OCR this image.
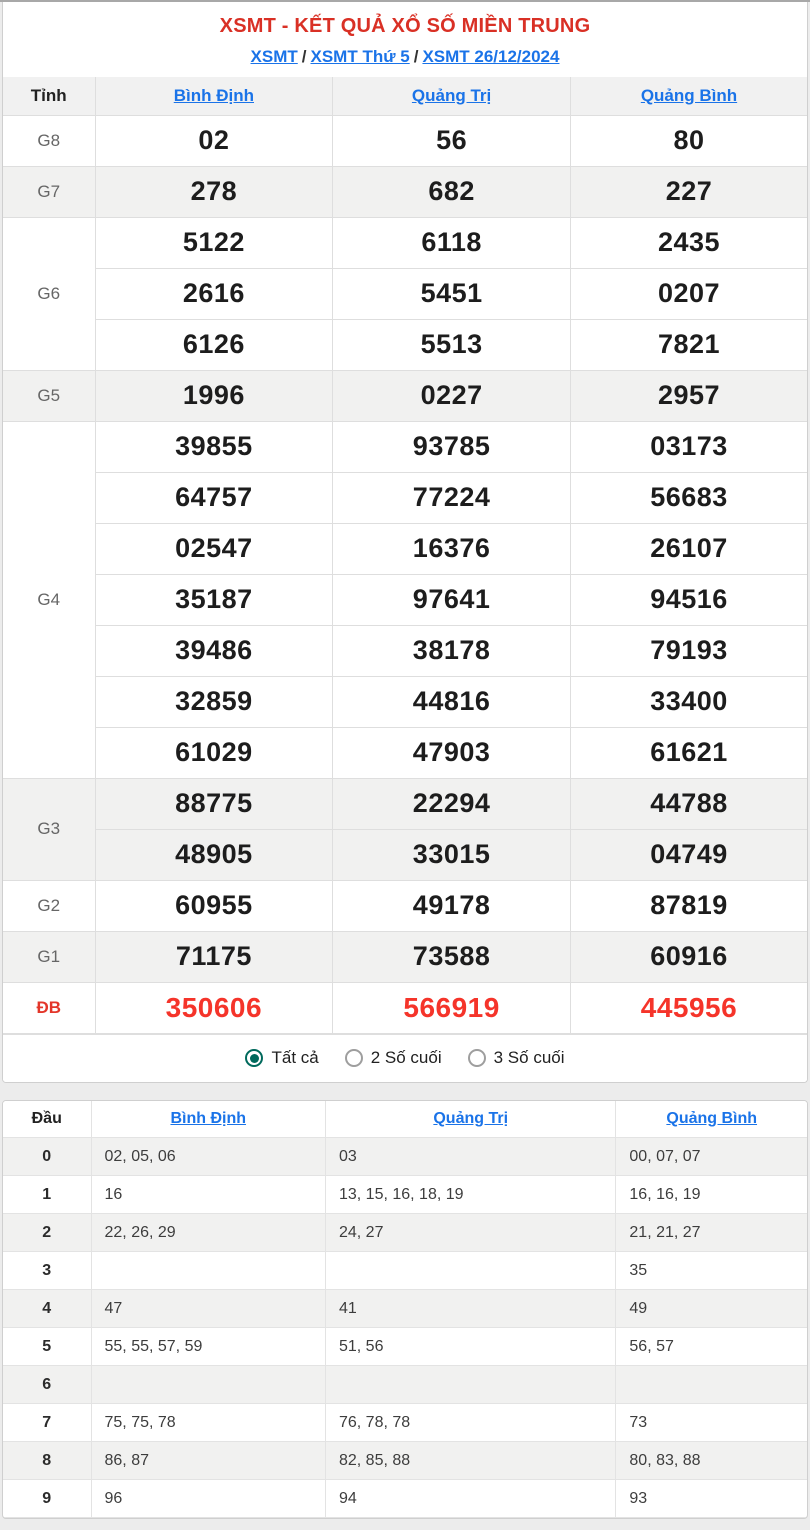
XSMT - KẾT QUẢ XỔ SỐ MIỀN TRUNG
XSMT / XSMT Thứ 5 / XSMT 26/12/2024
Tỉnh	Bình Định	Quảng Trị	Quảng Bình
G8	02	56	80
G7	278	682	227
G6	5122	6118	2435
	2616	5451	0207
	6126	5513	7821
G5	1996	0227	2957
G4	39855	93785	03173
	64757	77224	56683
	02547	16376	26107
	35187	97641	94516
	39486	38178	79193
	32859	44816	33400
	61029	47903	61621
G3	88775	22294	44788
	48905	33015	04749
G2	60955	49178	87819
G1	71175	73588	60916
ĐB	350606	566919	445956
Tất cả	2 Số cuối	3 Số cuối
Đầu	Bình Định	Quảng Trị	Quảng Bình
0	02, 05, 06	03	00, 07, 07
1	16	13, 15, 16, 18, 19	16, 16, 19
2	22, 26, 29	24, 27	21, 21, 27
3			35
4	47	41	49
5	55, 55, 57, 59	51, 56	56, 57
6			
7	75, 75, 78	76, 78, 78	73
8	86, 87	82, 85, 88	80, 83, 88
9	96	94	93
